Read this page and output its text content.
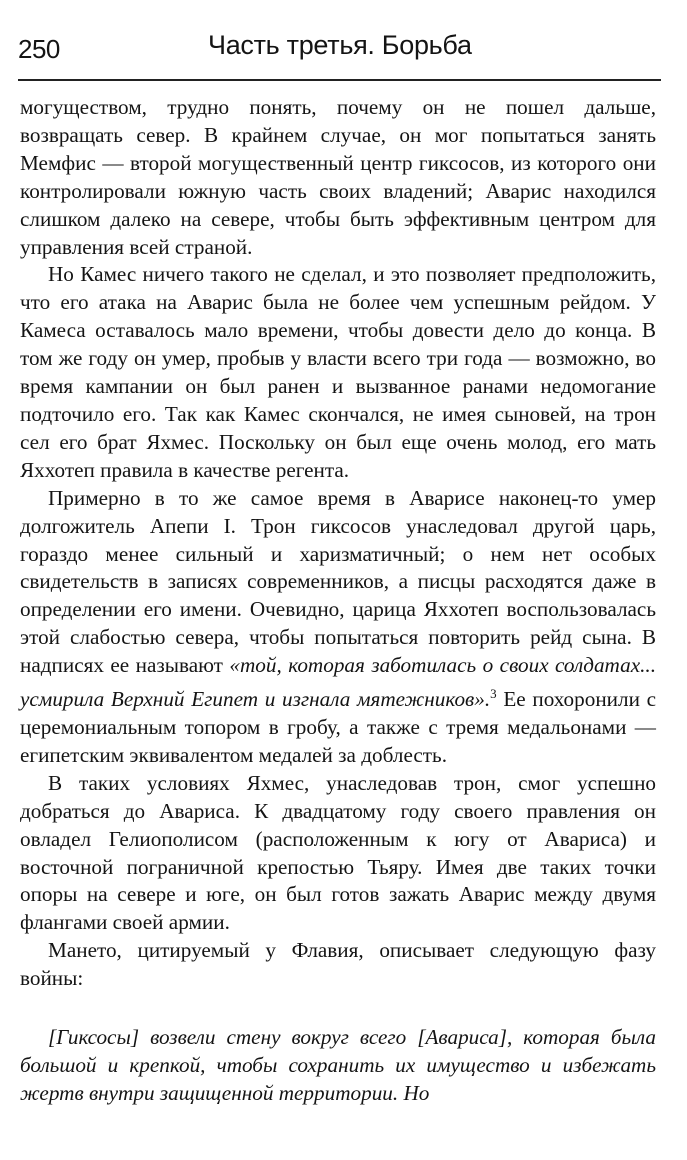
250	Часть третья. Борьба

могуществом, трудно понять, почему он не пошел дальше, возвращать север. В крайнем случае, он мог попытаться занять Мемфис — второй могущественный центр гиксосов, из которого они контролировали южную часть своих владений; Аварис находился слишком далеко на севере, чтобы быть эффективным центром для управления всей страной.

Но Камес ничего такого не сделал, и это позволяет предположить, что его атака на Аварис была не более чем успешным рейдом. У Камеса оставалось мало времени, чтобы довести дело до конца. В том же году он умер, пробыв у власти всего три года — возможно, во время кампании он был ранен и вызванное ранами недомогание подточило его. Так как Камес скончался, не имея сыновей, на трон сел его брат Яхмес. Поскольку он был еще очень молод, его мать Яххотеп правила в качестве регента.

Примерно в то же самое время в Аварисе наконец-то умер долгожитель Апепи I. Трон гиксосов унаследовал другой царь, гораздо менее сильный и харизматичный; о нем нет особых свидетельств в записях современников, а писцы расходятся даже в определении его имени. Очевидно, царица Яххотеп воспользовалась этой слабостью севера, чтобы попытаться повторить рейд сына. В надписях ее называют «той, которая заботилась о своих солдатах... усмирила Верхний Египет и изгнала мятежников».$^3$ Ее похоронили с церемониальным топором в гробу, а также с тремя медальонами — египетским эквивалентом медалей за доблесть.

В таких условиях Яхмес, унаследовав трон, смог успешно добраться до Авариса. К двадцатому году своего правления он овладел Гелиополисом (расположенным к югу от Авариса) и восточной пограничной крепостью Тьяру. Имея две таких точки опоры на севере и юге, он был готов зажать Аварис между двумя флангами своей армии.

Мането, цитируемый у Флавия, описывает следующую фазу войны:

[Гиксосы] возвели стену вокруг всего [Авариса], которая была большой и крепкой, чтобы сохранить их имущество и избежать жертв внутри защищенной территории. Но
